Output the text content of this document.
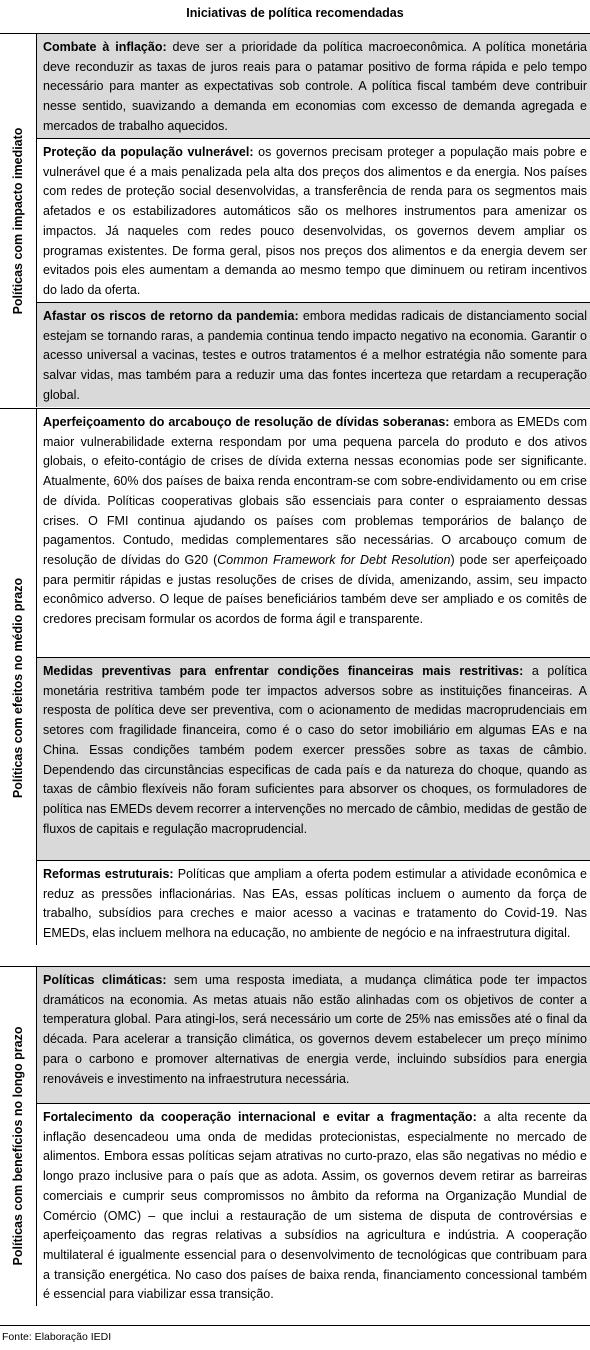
Iniciativas de política recomendadas
Políticas com impacto imediato

Combate à inflação: deve ser a prioridade da política macroeconômica. A política monetária deve reconduzir as taxas de juros reais para o patamar positivo de forma rápida e pelo tempo necessário para manter as expectativas sob controle. A política fiscal também deve contribuir nesse sentido, suavizando a demanda em economias com excesso de demanda agregada e mercados de trabalho aquecidos.

Proteção da população vulnerável: os governos precisam proteger a população mais pobre e vulnerável que é a mais penalizada pela alta dos preços dos alimentos e da energia. Nos países com redes de proteção social desenvolvidas, a transferência de renda para os segmentos mais afetados e os estabilizadores automáticos são os melhores instrumentos para amenizar os impactos. Já naqueles com redes pouco desenvolvidas, os governos devem ampliar os programas existentes. De forma geral, pisos nos preços dos alimentos e da energia devem ser evitados pois eles aumentam a demanda ao mesmo tempo que diminuem ou retiram incentivos do lado da oferta.

Afastar os riscos de retorno da pandemia: embora medidas radicais de distanciamento social estejam se tornando raras, a pandemia continua tendo impacto negativo na economia. Garantir o acesso universal a vacinas, testes e outros tratamentos é a melhor estratégia não somente para salvar vidas, mas também para a reduzir uma das fontes incerteza que retardam a recuperação global.

Políticas com efeitos no médio prazo

Aperfeiçoamento do arcabouço de resolução de dívidas soberanas: embora as EMEDs com maior vulnerabilidade externa respondam por uma pequena parcela do produto e dos ativos globais, o efeito-contágio de crises de dívida externa nessas economias pode ser significante. Atualmente, 60% dos países de baixa renda encontram-se com sobre-endividamento ou em crise de dívida. Políticas cooperativas globais são essenciais para conter o espraiamento dessas crises. O FMI continua ajudando os países com problemas temporários de balanço de pagamentos. Contudo, medidas complementares são necessárias. O arcabouço comum de resolução de dívidas do G20 (Common Framework for Debt Resolution) pode ser aperfeiçoado para permitir rápidas e justas resoluções de crises de dívida, amenizando, assim, seu impacto econômico adverso. O leque de países beneficiários também deve ser ampliado e os comitês de credores precisam formular os acordos de forma ágil e transparente.

Medidas preventivas para enfrentar condições financeiras mais restritivas: a política monetária restritiva também pode ter impactos adversos sobre as instituições financeiras. A resposta de política deve ser preventiva, com o acionamento de medidas macroprudenciais em setores com fragilidade financeira, como é o caso do setor imobiliário em algumas EAs e na China. Essas condições também podem exercer pressões sobre as taxas de câmbio. Dependendo das circunstâncias especificas de cada país e da natureza do choque, quando as taxas de câmbio flexíveis não foram suficientes para absorver os choques, os formuladores de política nas EMEDs devem recorrer a intervenções no mercado de câmbio, medidas de gestão de fluxos de capitais e regulação macroprudencial.

Reformas estruturais: Políticas que ampliam a oferta podem estimular a atividade econômica e reduz as pressões inflacionárias. Nas EAs, essas políticas incluem o aumento da força de trabalho, subsídios para creches e maior acesso a vacinas e tratamento do Covid-19. Nas EMEDs, elas incluem melhora na educação, no ambiente de negócio e na infraestrutura digital.

Políticas com benefícios no longo prazo

Políticas climáticas: sem uma resposta imediata, a mudança climática pode ter impactos dramáticos na economia. As metas atuais não estão alinhadas com os objetivos de conter a temperatura global. Para atingi-los, será necessário um corte de 25% nas emissões até o final da década. Para acelerar a transição climática, os governos devem estabelecer um preço mínimo para o carbono e promover alternativas de energia verde, incluindo subsídios para energia renováveis e investimento na infraestrutura necessária.

Fortalecimento da cooperação internacional e evitar a fragmentação: a alta recente da inflação desencadeou uma onda de medidas protecionistas, especialmente no mercado de alimentos. Embora essas políticas sejam atrativas no curto-prazo, elas são negativas no médio e longo prazo inclusive para o país que as adota. Assim, os governos devem retirar as barreiras comerciais e cumprir seus compromissos no âmbito da reforma na Organização Mundial de Comércio (OMC) – que inclui a restauração de um sistema de disputa de controvérsias e aperfeiçoamento das regras relativas a subsídios na agricultura e indústria. A cooperação multilateral é igualmente essencial para o desenvolvimento de tecnológicas que contribuam para a transição energética. No caso dos países de baixa renda, financiamento concessional também é essencial para viabilizar essa transição.

Fonte: Elaboração IEDI
